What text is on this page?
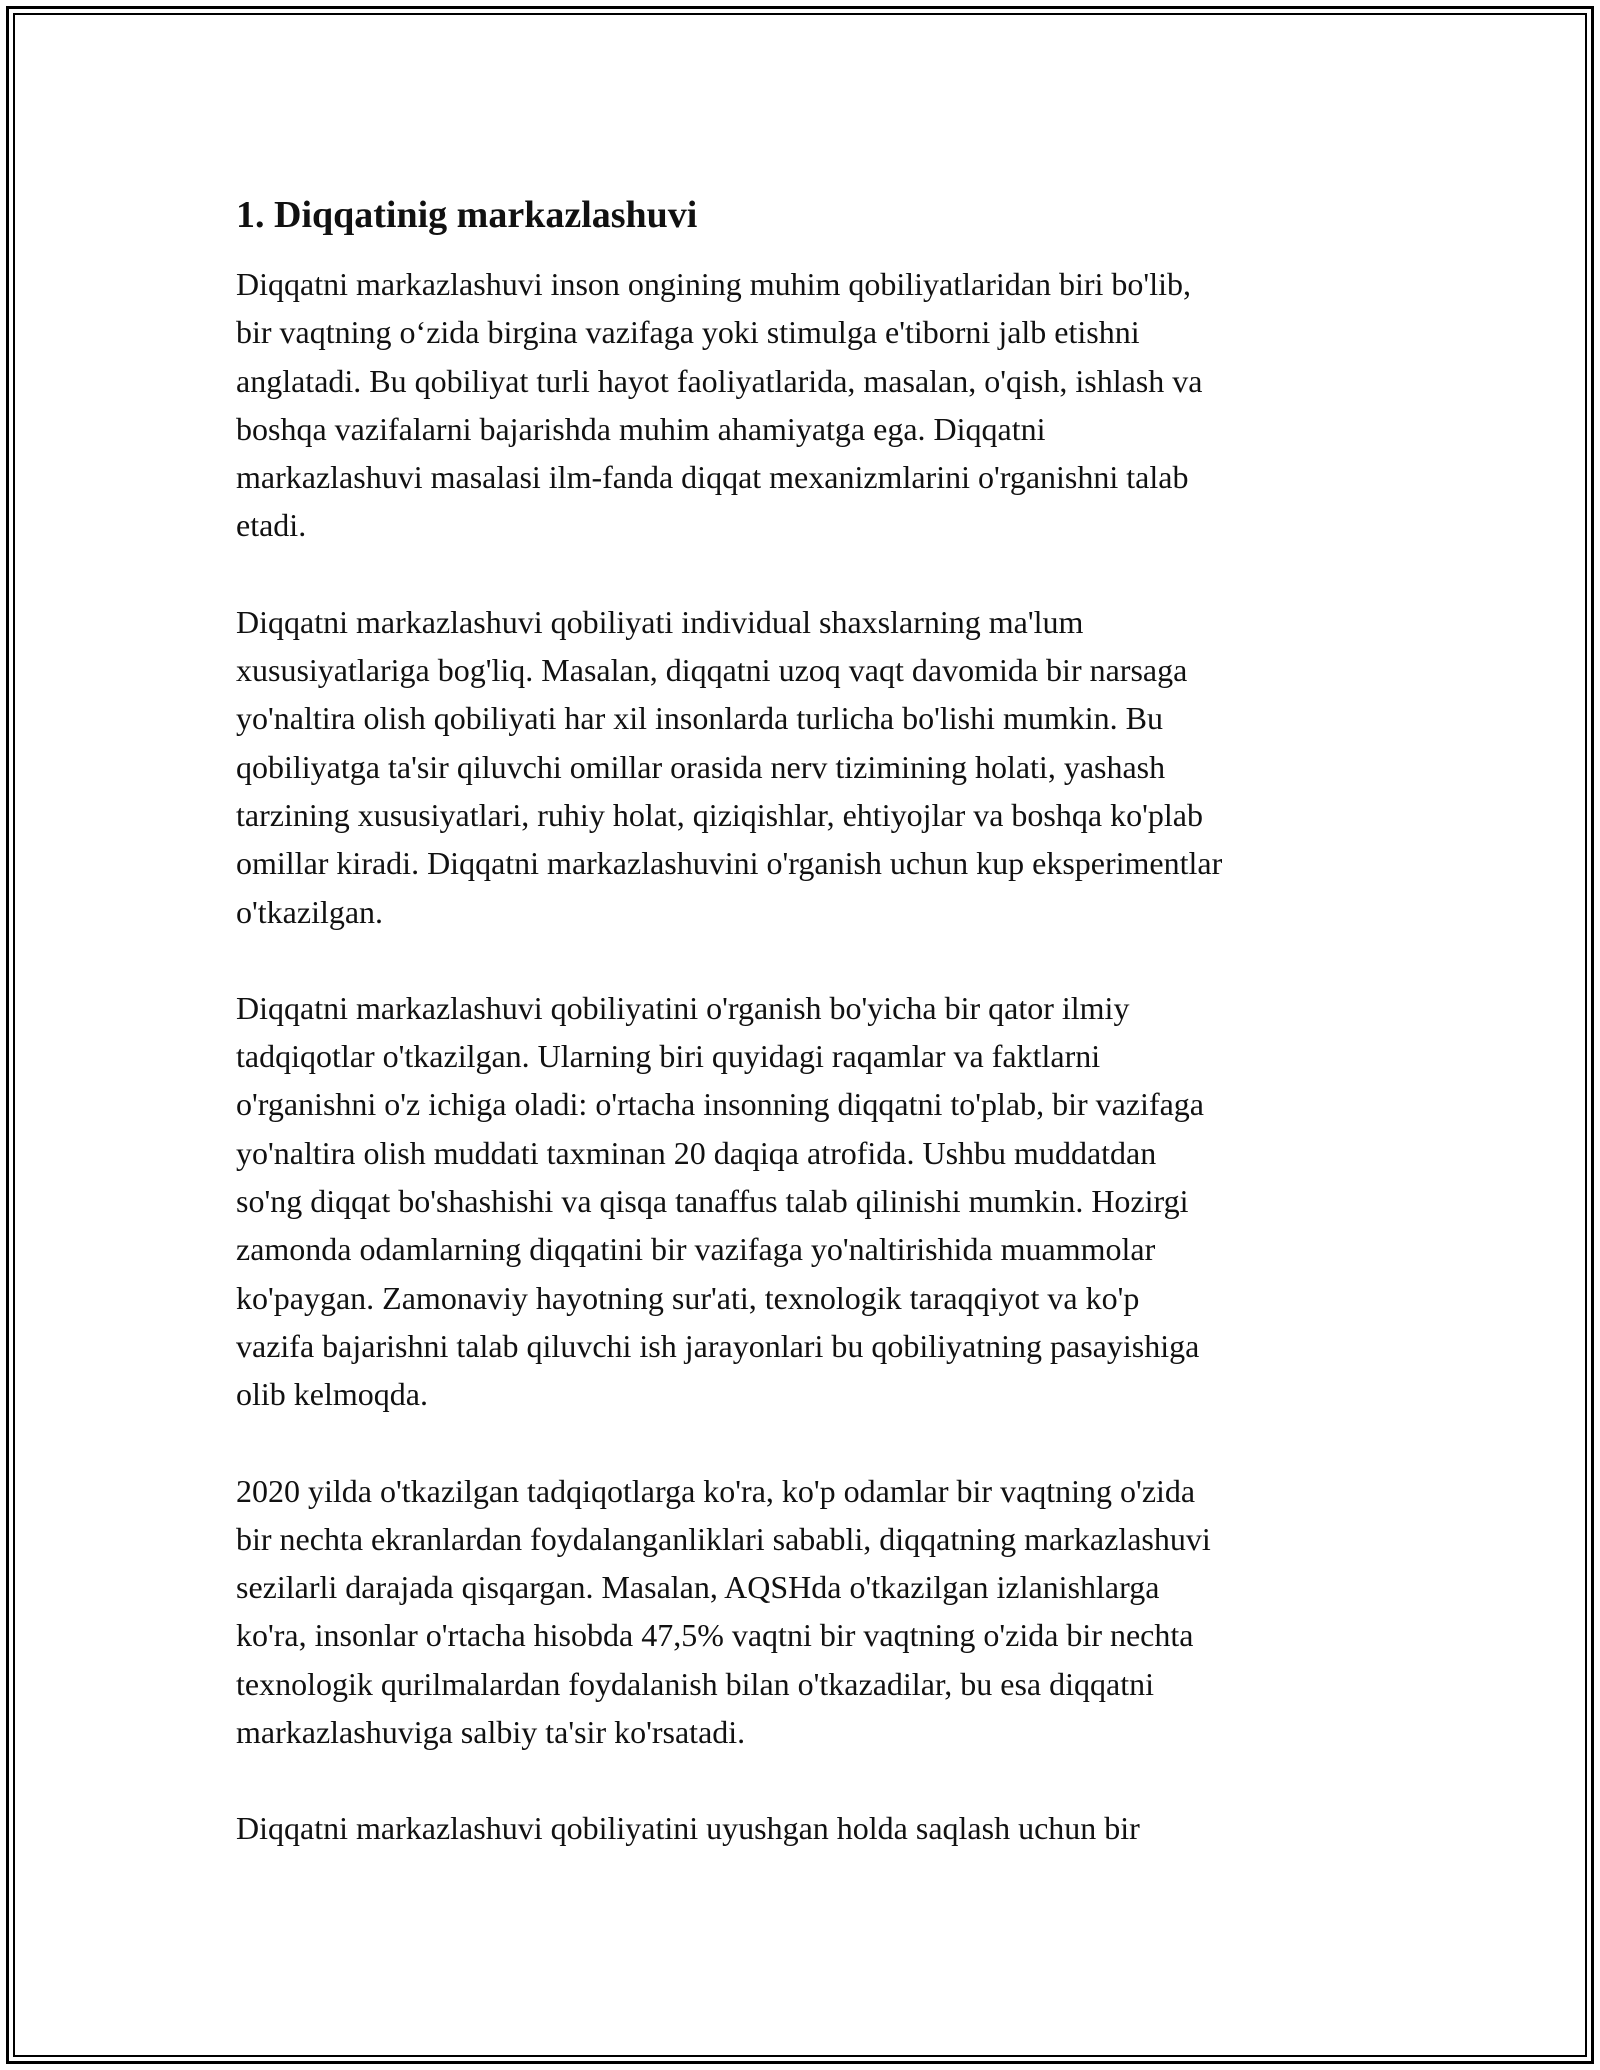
1. Diqqatinig markazlashuvi

Diqqatni markazlashuvi inson ongining muhim qobiliyatlaridan biri bo'lib,
bir vaqtning o‘zida birgina vazifaga yoki stimulga e'tiborni jalb etishni
anglatadi. Bu qobiliyat turli hayot faoliyatlarida, masalan, o'qish, ishlash va
boshqa vazifalarni bajarishda muhim ahamiyatga ega. Diqqatni
markazlashuvi masalasi ilm-fanda diqqat mexanizmlarini o'rganishni talab
etadi.

Diqqatni markazlashuvi qobiliyati individual shaxslarning ma'lum
xususiyatlariga bog'liq. Masalan, diqqatni uzoq vaqt davomida bir narsaga
yo'naltira olish qobiliyati har xil insonlarda turlicha bo'lishi mumkin. Bu
qobiliyatga ta'sir qiluvchi omillar orasida nerv tizimining holati, yashash
tarzining xususiyatlari, ruhiy holat, qiziqishlar, ehtiyojlar va boshqa ko'plab
omillar kiradi. Diqqatni markazlashuvini o'rganish uchun kup eksperimentlar
o'tkazilgan.

Diqqatni markazlashuvi qobiliyatini o'rganish bo'yicha bir qator ilmiy
tadqiqotlar o'tkazilgan. Ularning biri quyidagi raqamlar va faktlarni
o'rganishni o'z ichiga oladi: o'rtacha insonning diqqatni to'plab, bir vazifaga
yo'naltira olish muddati taxminan 20 daqiqa atrofida. Ushbu muddatdan
so'ng diqqat bo'shashishi va qisqa tanaffus talab qilinishi mumkin. Hozirgi
zamonda odamlarning diqqatini bir vazifaga yo'naltirishida muammolar
ko'paygan. Zamonaviy hayotning sur'ati, texnologik taraqqiyot va ko'p
vazifa bajarishni talab qiluvchi ish jarayonlari bu qobiliyatning pasayishiga
olib kelmoqda.

2020 yilda o'tkazilgan tadqiqotlarga ko'ra, ko'p odamlar bir vaqtning o'zida
bir nechta ekranlardan foydalanganliklari sababli, diqqatning markazlashuvi
sezilarli darajada qisqargan. Masalan, AQSHda o'tkazilgan izlanishlarga
ko'ra, insonlar o'rtacha hisobda 47,5% vaqtni bir vaqtning o'zida bir nechta
texnologik qurilmalardan foydalanish bilan o'tkazadilar, bu esa diqqatni
markazlashuviga salbiy ta'sir ko'rsatadi.

Diqqatni markazlashuvi qobiliyatini uyushgan holda saqlash uchun bir
